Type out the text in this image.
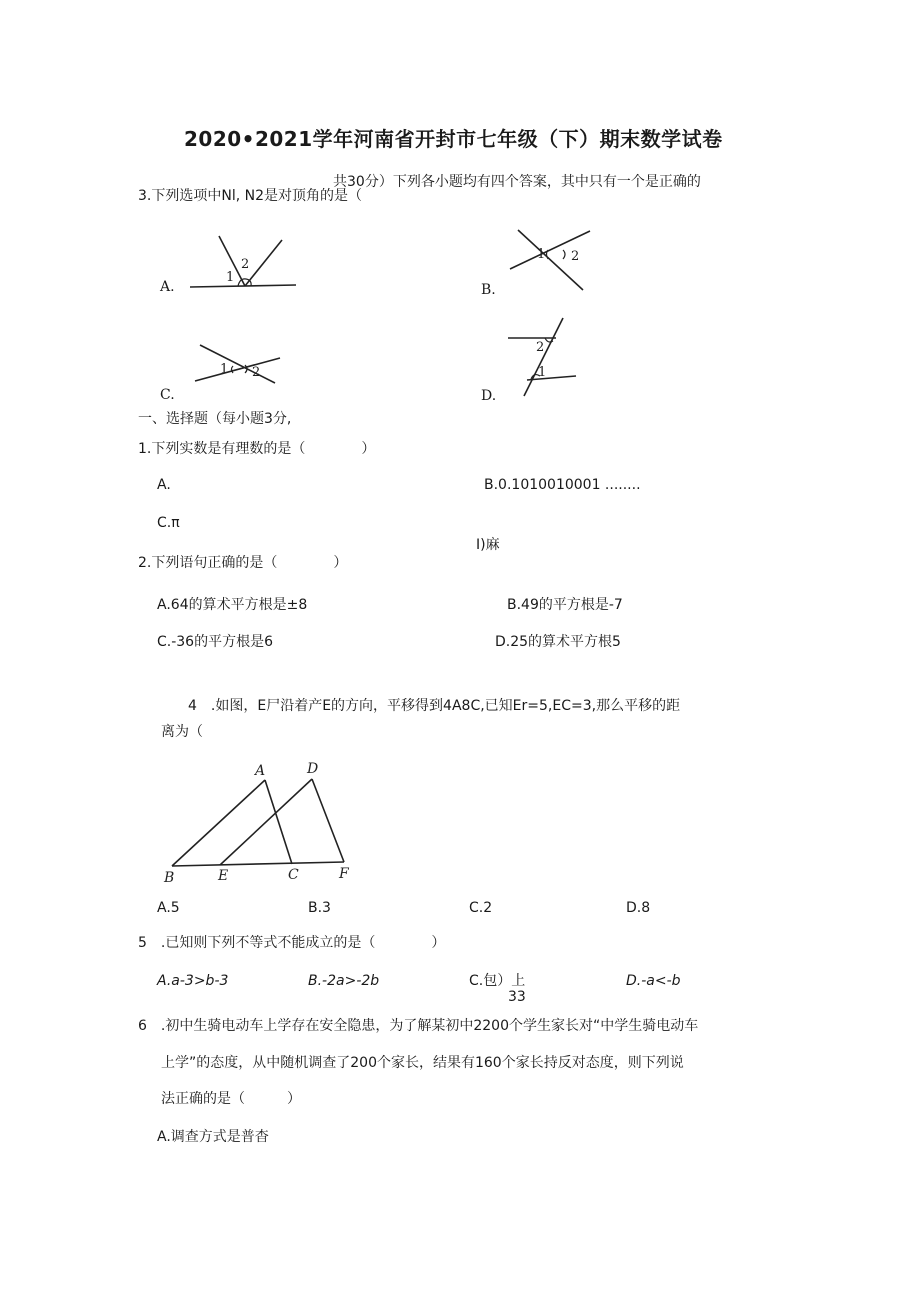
2020•2021学年河南省开封市七年级（下）期末数学试卷
共30分）下列各小题均有四个答案，其中只有一个是正确的
3.下列选项中Nl, N2是对顶角的是（
A.
1
2
B.
1 2
C.
1 2
D.
2
1
一、选择题（每小题3分,
1.下列实数是有理数的是（　　　　）
A.	B.0.1010010001 ........
C.π
I)麻
2.下列语句正确的是（　　　　）
A.64的算术平方根是±8	B.49的平方根是-7
C.-36的平方根是6	D.25的算术平方根5
4　.如图，E尸沿着产E的方向，平移得到4A8C,已知Er=5,EC=3,那么平移的距
离为（
A	D
B	E	C	F
A.5	B.3	C.2	D.8
5　.已知则下列不等式不能成立的是（　　　　）
A.a-3>b-3	B.-2a>-2b	C.包）上
33
D.-a<-b
6　.初中生骑电动车上学存在安全隐患，为了解某初中2200个学生家长对“中学生骑电动车
上学”的态度，从中随机调查了200个家长，结果有160个家长持反对态度，则下列说
法正确的是（　　　）
A.调查方式是普杳
